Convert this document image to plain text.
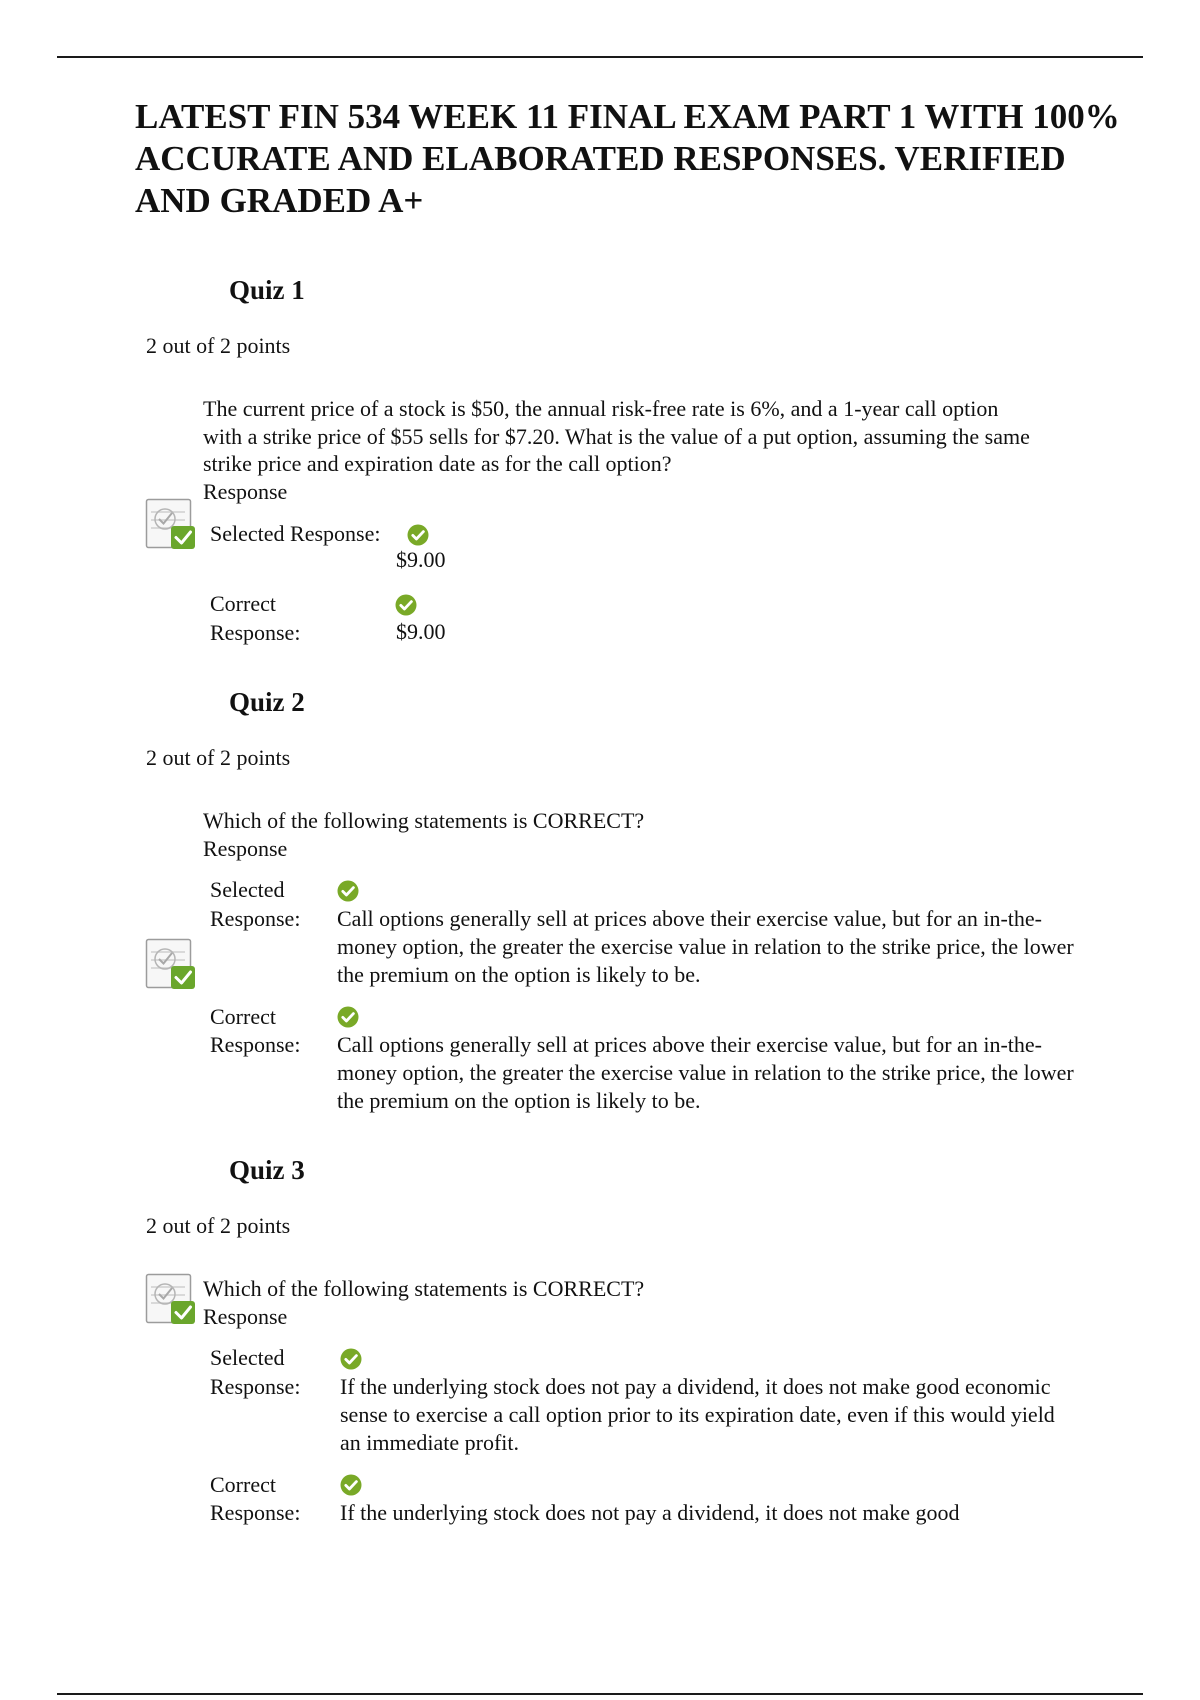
LATEST FIN 534 WEEK 11 FINAL EXAM PART 1 WITH 100% ACCURATE AND ELABORATED RESPONSES. VERIFIED AND GRADED A+
Quiz 1
2 out of 2 points
The current price of a stock is $50, the annual risk-free rate is 6%, and a 1-year call option with a strike price of $55 sells for $7.20. What is the value of a put option, assuming the same strike price and expiration date as for the call option?
Response
Selected Response:
$9.00
Correct
Response:	$9.00
Quiz 2
2 out of 2 points
Which of the following statements is CORRECT?
Response
Selected
Response: Call options generally sell at prices above their exercise value, but for an in-the-money option, the greater the exercise value in relation to the strike price, the lower the premium on the option is likely to be.
Correct
Response: Call options generally sell at prices above their exercise value, but for an in-the-money option, the greater the exercise value in relation to the strike price, the lower the premium on the option is likely to be.
Quiz 3
2 out of 2 points
Which of the following statements is CORRECT?
Response
Selected
Response: If the underlying stock does not pay a dividend, it does not make good economic sense to exercise a call option prior to its expiration date, even if this would yield an immediate profit.
Correct
Response: If the underlying stock does not pay a dividend, it does not make good
